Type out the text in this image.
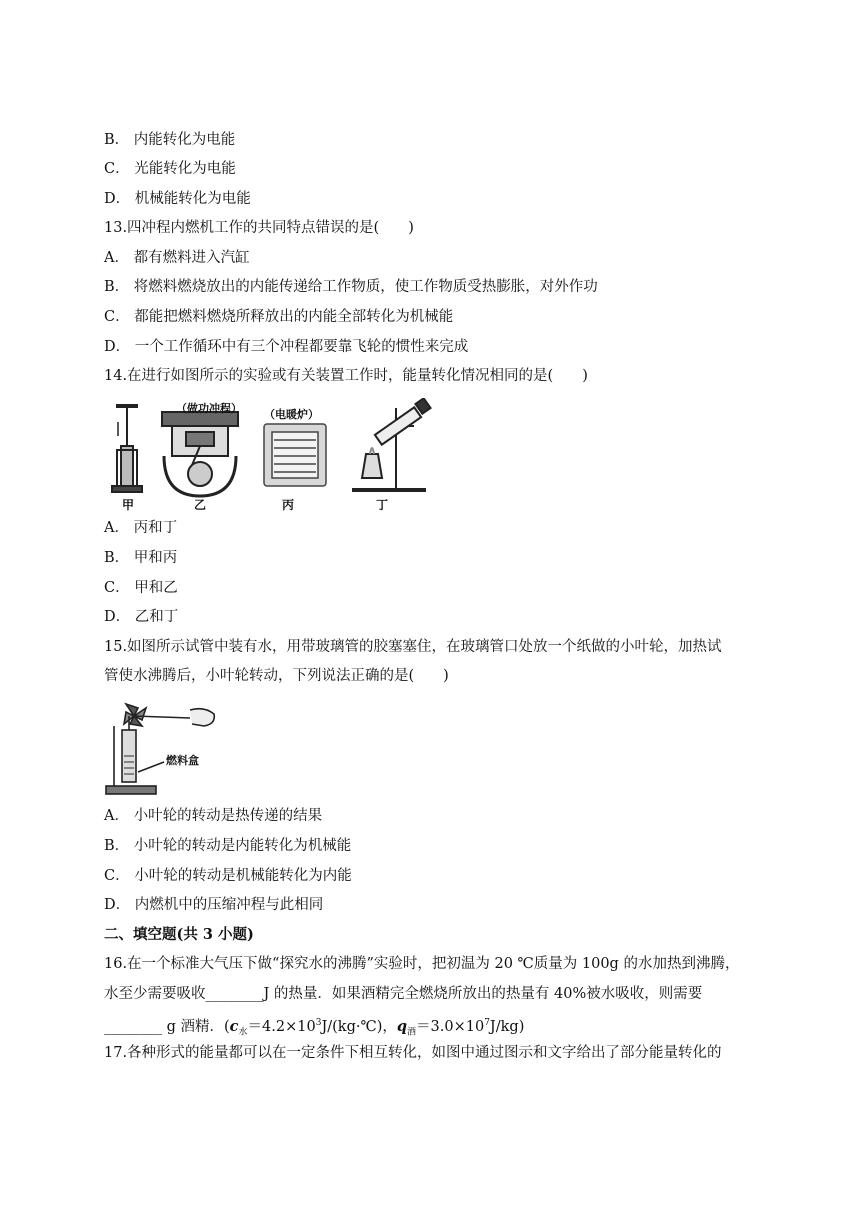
B． 内能转化为电能
C． 光能转化为电能
D． 机械能转化为电能
13.四冲程内燃机工作的共同特点错误的是(　　)
A． 都有燃料进入汽缸
B． 将燃料燃烧放出的内能传递给工作物质，使工作物质受热膨胀，对外作功
C． 都能把燃料燃烧所释放出的内能全部转化为机械能
D． 一个工作循环中有三个冲程都要靠飞轮的惯性来完成
14.在进行如图所示的实验或有关装置工作时，能量转化情况相同的是(　　)
（做功冲程） （电暖炉）
甲	乙	丙	丁
A． 丙和丁
B． 甲和丙
C． 甲和乙
D． 乙和丁
15.如图所示试管中装有水，用带玻璃管的胶塞塞住，在玻璃管口处放一个纸做的小叶轮，加热试
管使水沸腾后，小叶轮转动，下列说法正确的是(　　)
燃料盒
A． 小叶轮的转动是热传递的结果
B． 小叶轮的转动是内能转化为机械能
C． 小叶轮的转动是机械能转化为内能
D． 内燃机中的压缩冲程与此相同
二、填空题(共 3 小题)
16.在一个标准大气压下做“探究水的沸腾”实验时，把初温为 20 ℃质量为 100g 的水加热到沸腾，
水至少需要吸收________J 的热量．如果酒精完全燃烧所放出的热量有 40%被水吸收，则需要
________ g 酒精．($c_水=4.2\times 10^3J/(kg\cdot℃)$，$q_酒=3.0\times 10^7J/kg$)
17.各种形式的能量都可以在一定条件下相互转化，如图中通过图示和文字给出了部分能量转化的
